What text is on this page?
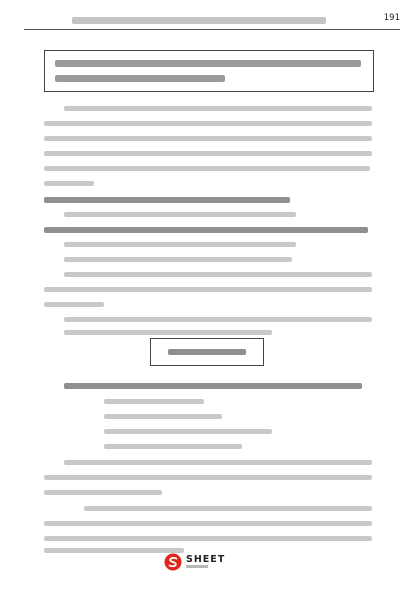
191
SHEET
